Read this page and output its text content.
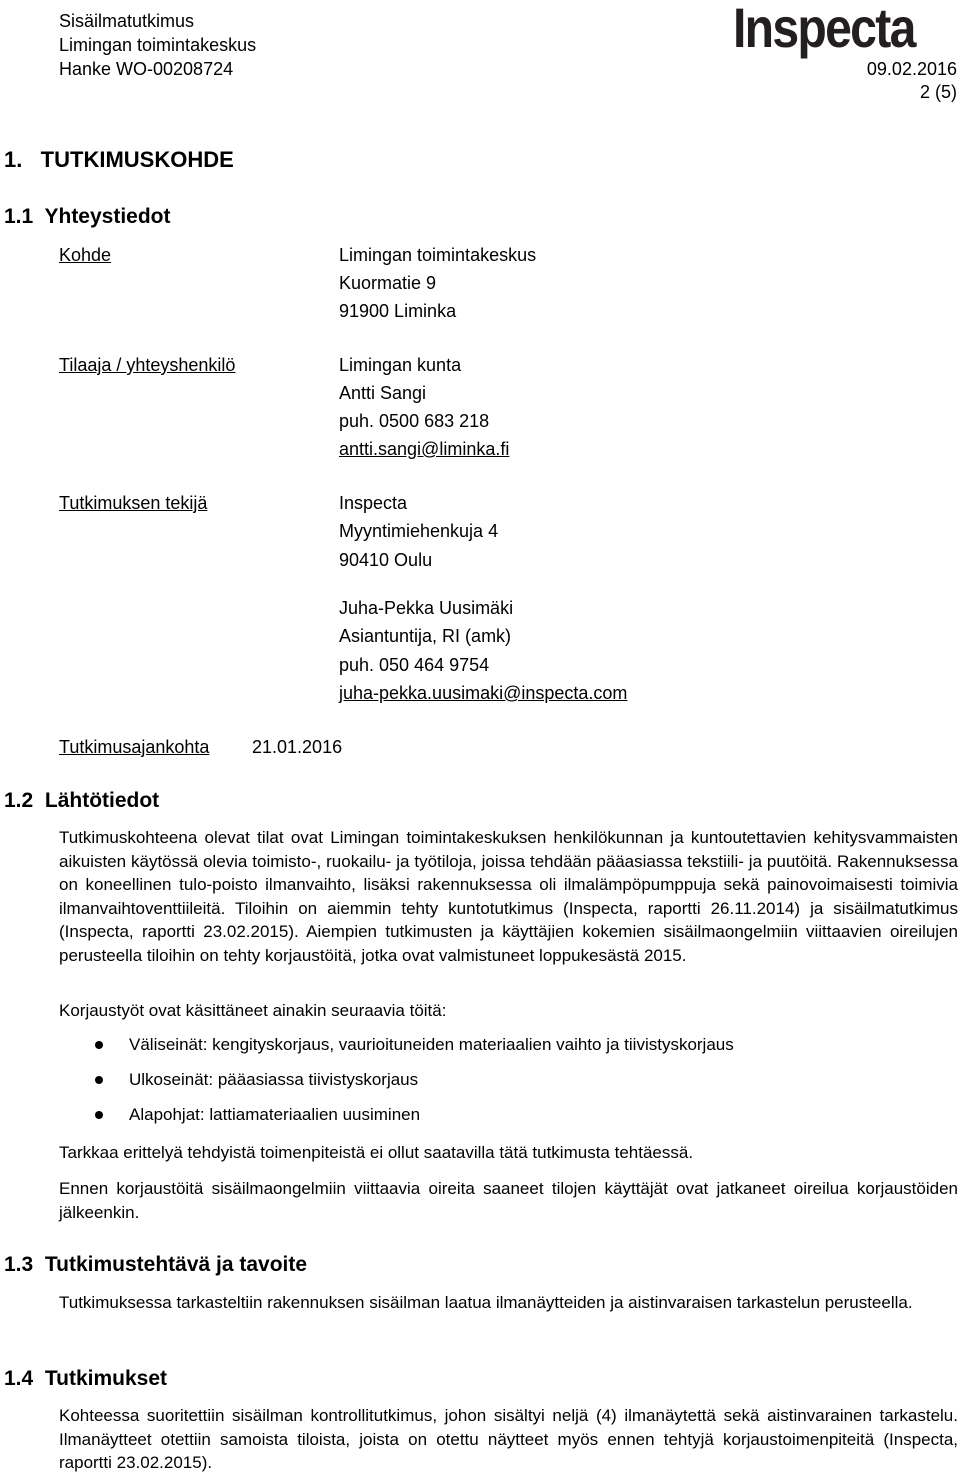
Sisäilmatutkimus
Limingan toimintakeskus
Hanke WO-00208724
Inspecta
09.02.2016
2 (5)
1.   TUTKIMUSKOHDE
1.1  Yhteystiedot
Kohde	Limingan toimintakeskus
Kuormatie 9
91900 Liminka
Tilaaja / yhteyshenkilö	Limingan kunta
Antti Sangi
puh. 0500 683 218
antti.sangi@liminka.fi
Tutkimuksen tekijä	Inspecta
Myyntimiehenkuja 4
90410 Oulu
Juha-Pekka Uusimäki
Asiantuntija, RI (amk)
puh. 050 464 9754
juha-pekka.uusimaki@inspecta.com
Tutkimusajankohta 21.01.2016
1.2  Lähtötiedot
Tutkimuskohteena olevat tilat ovat Limingan toimintakeskuksen henkilökunnan ja kuntoutettavien kehitysvammaisten aikuisten käytössä olevia toimisto-, ruokailu- ja työtiloja, joissa tehdään pääasiassa tekstiili- ja puutöitä. Rakennuksessa on koneellinen tulo-poisto ilmanvaihto, lisäksi rakennuksessa oli ilmalämpöpumppuja sekä painovoimaisesti toimivia ilmanvaihtoventtiileitä. Tiloihin on aiemmin tehty kuntotutkimus (Inspecta, raportti 26.11.2014) ja sisäilmatutkimus (Inspecta, raportti 23.02.2015). Aiempien tutkimusten ja käyttäjien kokemien sisäilmaongelmiin viittaavien oireilujen perusteella tiloihin on tehty korjaustöitä, jotka ovat valmistuneet loppukesästä 2015.
Korjaustyöt ovat käsittäneet ainakin seuraavia töitä:
Väliseinät: kengityskorjaus, vaurioituneiden materiaalien vaihto ja tiivistyskorjaus
Ulkoseinät: pääasiassa tiivistyskorjaus
Alapohjat: lattiamateriaalien uusiminen
Tarkkaa erittelyä tehdyistä toimenpiteistä ei ollut saatavilla tätä tutkimusta tehtäessä.
Ennen korjaustöitä sisäilmaongelmiin viittaavia oireita saaneet tilojen käyttäjät ovat jatkaneet oireilua korjaustöiden jälkeenkin.
1.3  Tutkimustehtävä ja tavoite
Tutkimuksessa tarkasteltiin rakennuksen sisäilman laatua ilmanäytteiden ja aistinvaraisen tarkastelun perusteella.
1.4  Tutkimukset
Kohteessa suoritettiin sisäilman kontrollitutkimus, johon sisältyi neljä (4) ilmanäytettä sekä aistinvarainen tarkastelu. Ilmanäytteet otettiin samoista tiloista, joista on otettu näytteet myös ennen tehtyjä korjaustoimenpiteitä (Inspecta, raportti 23.02.2015).
